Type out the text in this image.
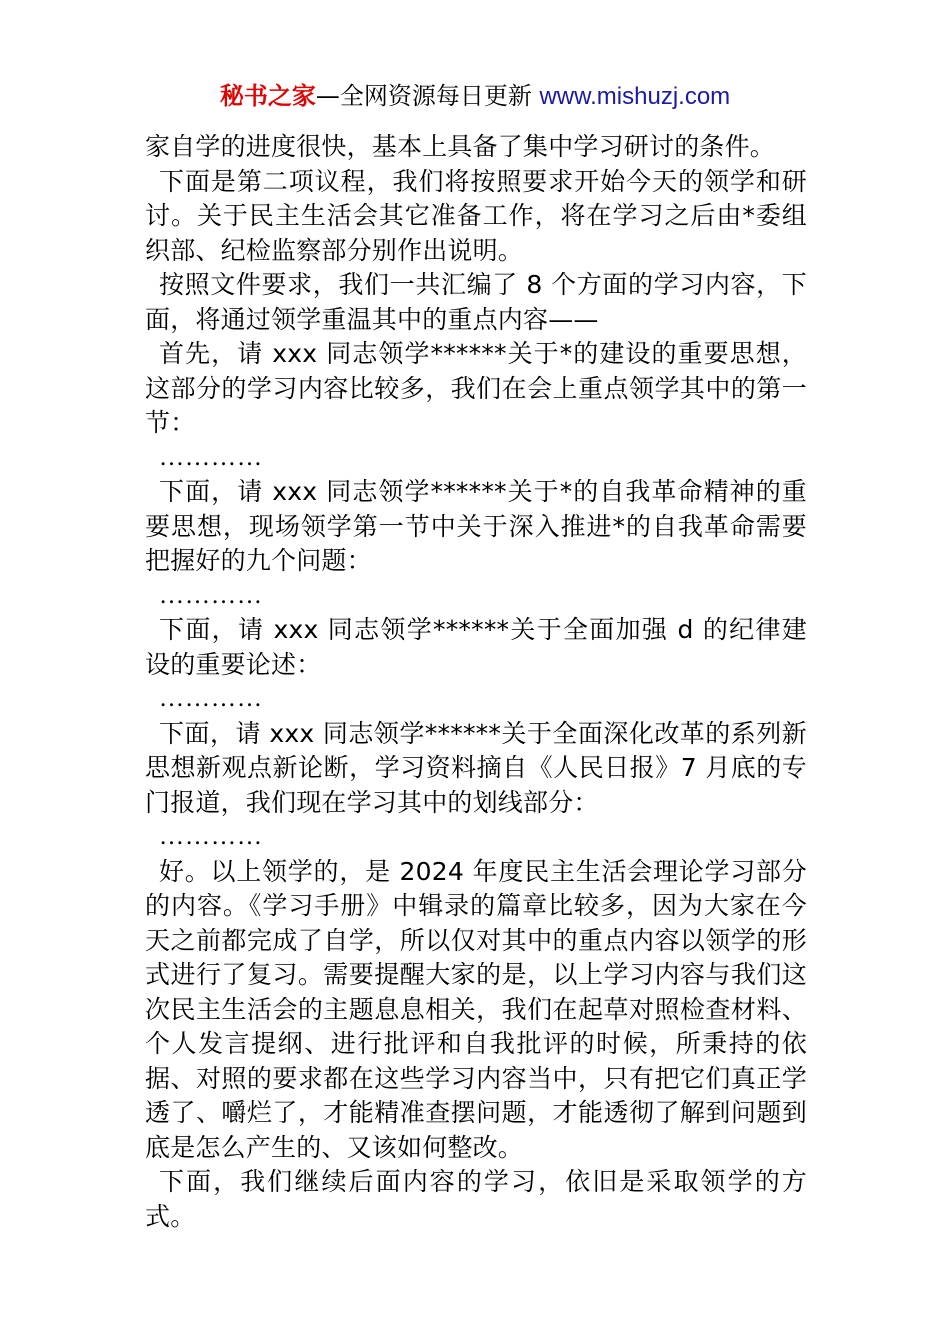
秘书之家—全网资源每日更新 www.mishuzj.com

家自学的进度很快，基本上具备了集中学习研讨的条件。

下面是第二项议程，我们将按照要求开始今天的领学和研讨。关于民主生活会其它准备工作，将在学习之后由*委组织部、纪检监察部分别作出说明。

按照文件要求，我们一共汇编了 8 个方面的学习内容，下面，将通过领学重温其中的重点内容——

首先，请 xxx 同志领学******关于*的建设的重要思想，这部分的学习内容比较多，我们在会上重点领学其中的第一节：

…………

下面，请 xxx 同志领学******关于*的自我革命精神的重要思想，现场领学第一节中关于深入推进*的自我革命需要把握好的九个问题：

…………

下面，请 xxx 同志领学******关于全面加强 d 的纪律建设的重要论述：

…………

下面，请 xxx 同志领学******关于全面深化改革的系列新思想新观点新论断，学习资料摘自《人民日报》7 月底的专门报道，我们现在学习其中的划线部分：

…………

好。以上领学的，是 2024 年度民主生活会理论学习部分的内容。《学习手册》中辑录的篇章比较多，因为大家在今天之前都完成了自学，所以仅对其中的重点内容以领学的形式进行了复习。需要提醒大家的是，以上学习内容与我们这次民主生活会的主题息息相关，我们在起草对照检查材料、个人发言提纲、进行批评和自我批评的时候，所秉持的依据、对照的要求都在这些学习内容当中，只有把它们真正学透了、嚼烂了，才能精准查摆问题，才能透彻了解到问题到底是怎么产生的、又该如何整改。

下面，我们继续后面内容的学习，依旧是采取领学的方式。
